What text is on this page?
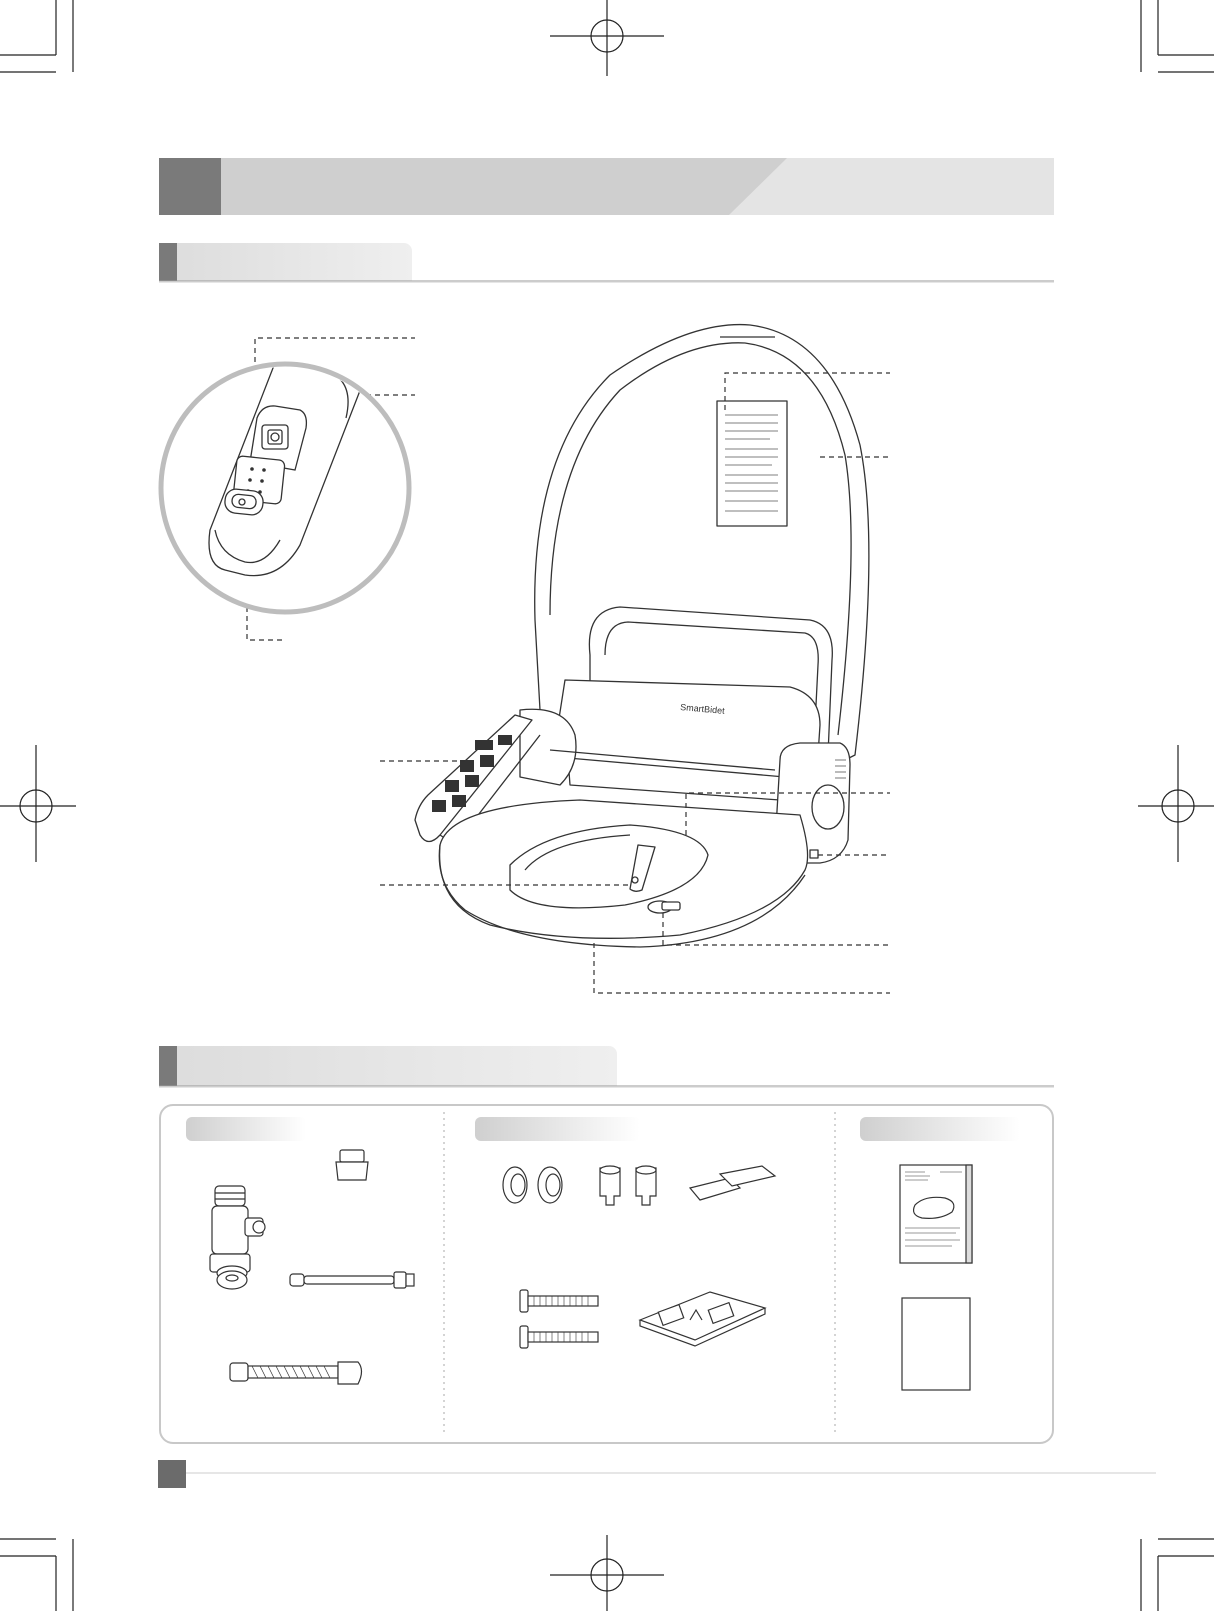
SmartBidet
